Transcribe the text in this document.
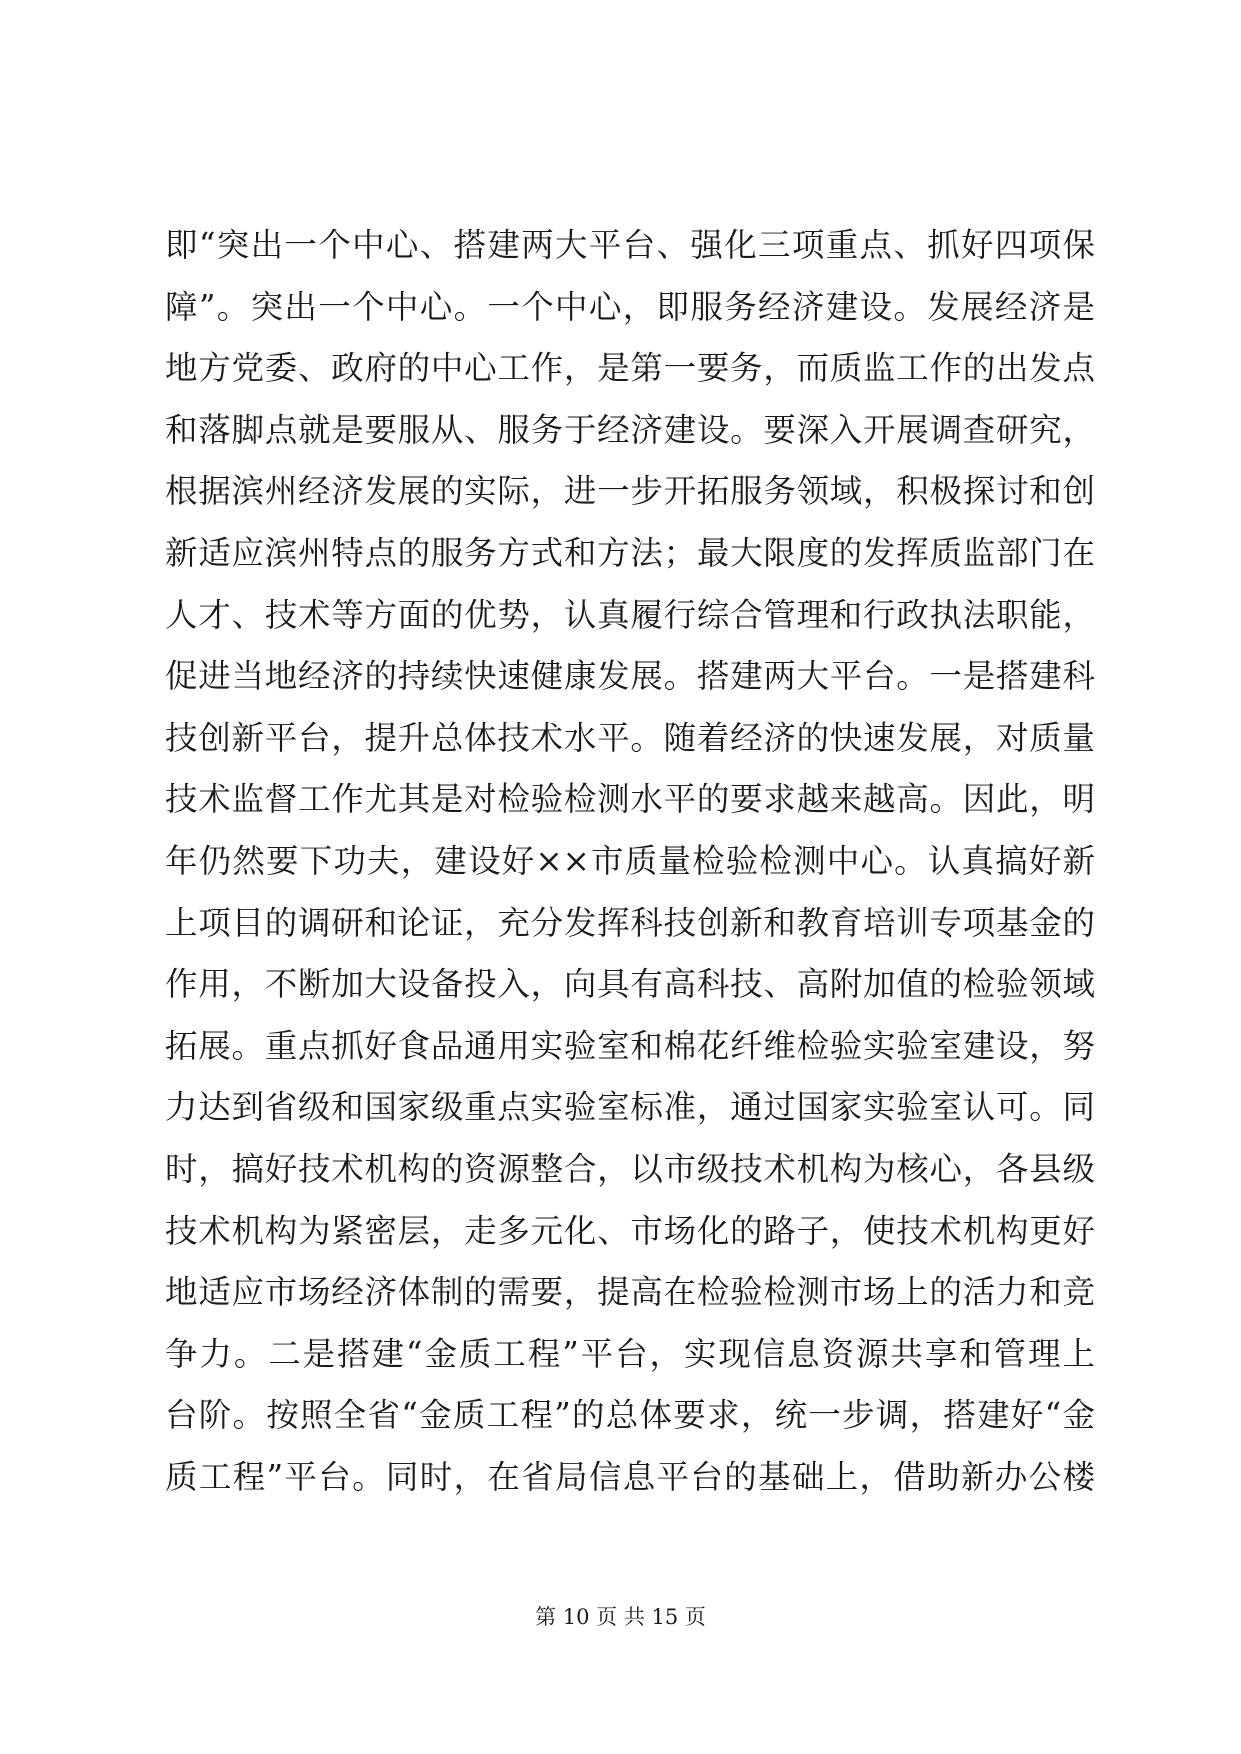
即“突出一个中心、搭建两大平台、强化三项重点、抓好四项保
障”。突出一个中心。一个中心，即服务经济建设。发展经济是
地方党委、政府的中心工作，是第一要务，而质监工作的出发点
和落脚点就是要服从、服务于经济建设。要深入开展调查研究，
根据滨州经济发展的实际，进一步开拓服务领域，积极探讨和创
新适应滨州特点的服务方式和方法；最大限度的发挥质监部门在
人才、技术等方面的优势，认真履行综合管理和行政执法职能，
促进当地经济的持续快速健康发展。搭建两大平台。一是搭建科
技创新平台，提升总体技术水平。随着经济的快速发展，对质量
技术监督工作尤其是对检验检测水平的要求越来越高。因此，明
年仍然要下功夫，建设好××市质量检验检测中心。认真搞好新
上项目的调研和论证，充分发挥科技创新和教育培训专项基金的
作用，不断加大设备投入，向具有高科技、高附加值的检验领域
拓展。重点抓好食品通用实验室和棉花纤维检验实验室建设，努
力达到省级和国家级重点实验室标准，通过国家实验室认可。同
时，搞好技术机构的资源整合，以市级技术机构为核心，各县级
技术机构为紧密层，走多元化、市场化的路子，使技术机构更好
地适应市场经济体制的需要，提高在检验检测市场上的活力和竞
争力。二是搭建“金质工程”平台，实现信息资源共享和管理上
台阶。按照全省“金质工程”的总体要求，统一步调，搭建好“金
质工程”平台。同时，在省局信息平台的基础上，借助新办公楼
第 10 页 共 15 页
